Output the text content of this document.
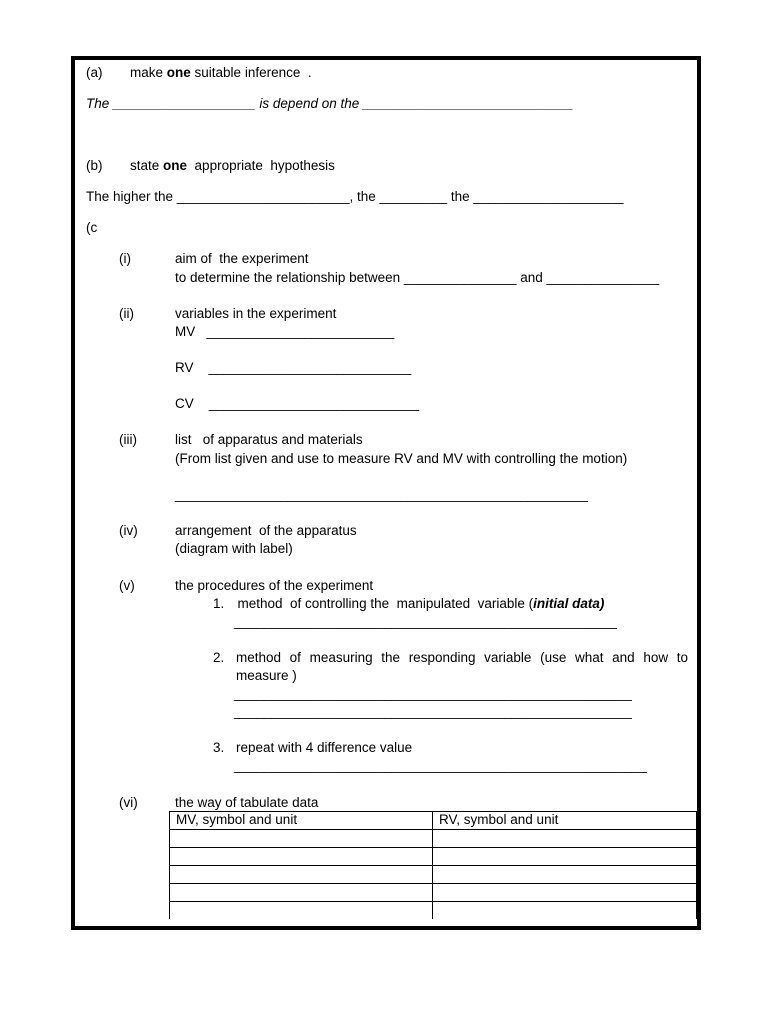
(a) make one suitable inference  .
The ___________________ is depend on the ____________________________
(b) state one  appropriate  hypothesis
The higher the _______________________, the _________ the ____________________
(c
(i)	aim of  the experiment
to determine the relationship between _______________ and _______________
(ii)	variables in the experiment
MV   _________________________
RV    ___________________________
CV    ____________________________
(iii)	list   of apparatus and materials
(From list given and use to measure RV and MV with controlling the motion)
_______________________________________________________
(iv)	arrangement  of the apparatus
(diagram with label)
(v)	the procedures of the experiment
1. method  of controlling the  manipulated  variable (initial data)
___________________________________________________
2. method of measuring the responding variable (use what and how to
measure )
_____________________________________________________
_____________________________________________________
3. repeat with 4 difference value
_______________________________________________________
(vi)	the way of tabulate data
MV, symbol and unit	RV, symbol and unit
